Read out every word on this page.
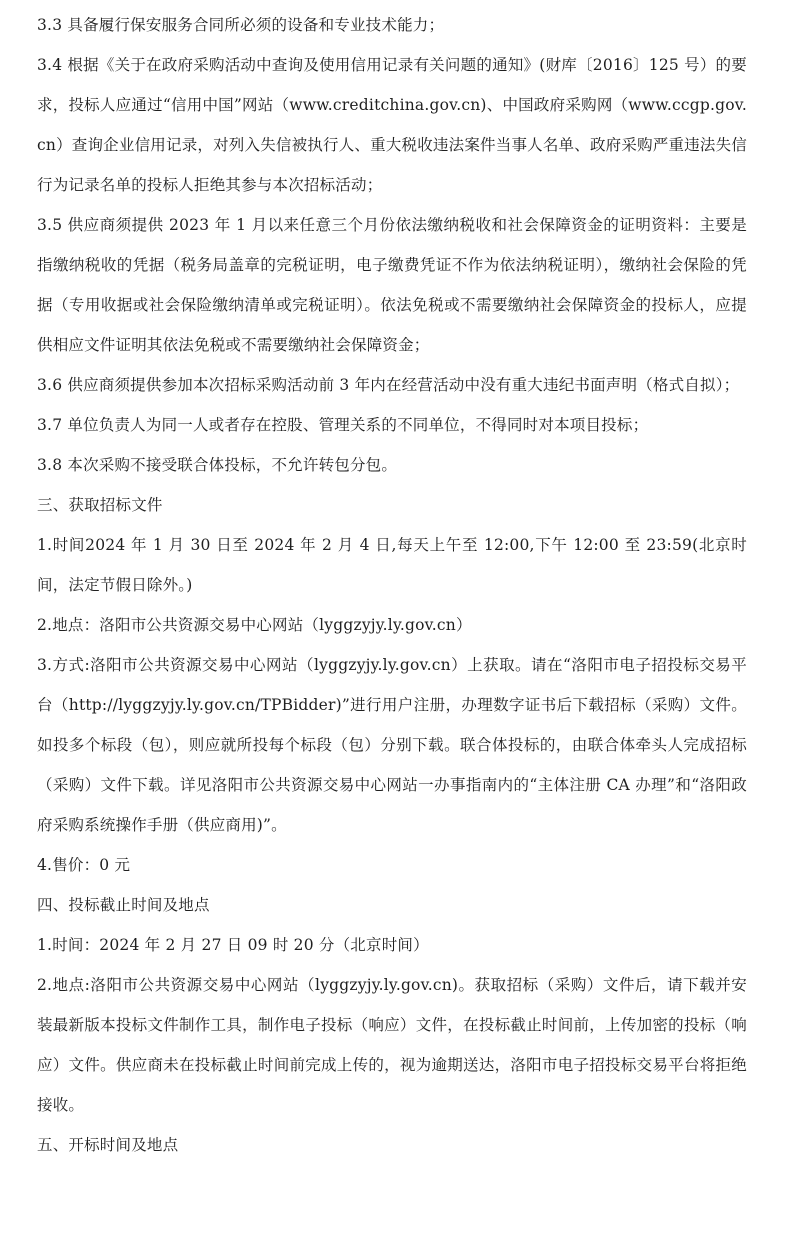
3.3 具备履行保安服务合同所必须的设备和专业技术能力；

3.4 根据《关于在政府采购活动中查询及使用信用记录有关问题的通知》(财库〔2016〕125 号）的要求，投标人应通过“信用中国”网站（www.creditchina.gov.cn)、中国政府采购网（www.ccgp.gov.cn）查询企业信用记录，对列入失信被执行人、重大税收违法案件当事人名单、政府采购严重违法失信行为记录名单的投标人拒绝其参与本次招标活动；

3.5 供应商须提供 2023 年 1 月以来任意三个月份依法缴纳税收和社会保障资金的证明资料：主要是指缴纳税收的凭据（税务局盖章的完税证明，电子缴费凭证不作为依法纳税证明），缴纳社会保险的凭据（专用收据或社会保险缴纳清单或完税证明）。依法免税或不需要缴纳社会保障资金的投标人，应提供相应文件证明其依法免税或不需要缴纳社会保障资金；

3.6 供应商须提供参加本次招标采购活动前 3 年内在经营活动中没有重大违纪书面声明（格式自拟）；

3.7 单位负责人为同一人或者存在控股、管理关系的不同单位，不得同时对本项目投标；

3.8 本次采购不接受联合体投标，不允许转包分包。

三、获取招标文件

1.时间2024 年 1 月 30 日至 2024 年 2 月 4 日,每天上午至 12:00,下午 12:00 至 23:59(北京时间，法定节假日除外。)

2.地点：洛阳市公共资源交易中心网站（lyggzyjy.ly.gov.cn）

3.方式:洛阳市公共资源交易中心网站（lyggzyjy.ly.gov.cn）上获取。请在“洛阳市电子招投标交易平台（http://lyggzyjy.ly.gov.cn/TPBidder)”进行用户注册，办理数字证书后下载招标（采购）文件。如投多个标段（包），则应就所投每个标段（包）分别下载。联合体投标的，由联合体牵头人完成招标（采购）文件下载。详见洛阳市公共资源交易中心网站一办事指南内的“主体注册 CA 办理”和“洛阳政府采购系统操作手册（供应商用)”。

4.售价：0 元

四、投标截止时间及地点

1.时间：2024 年 2 月 27 日 09 时 20 分（北京时间）

2.地点:洛阳市公共资源交易中心网站（lyggzyjy.ly.gov.cn)。获取招标（采购）文件后，请下载并安装最新版本投标文件制作工具，制作电子投标（响应）文件，在投标截止时间前，上传加密的投标（响应）文件。供应商未在投标截止时间前完成上传的，视为逾期送达，洛阳市电子招投标交易平台将拒绝接收。

五、开标时间及地点
